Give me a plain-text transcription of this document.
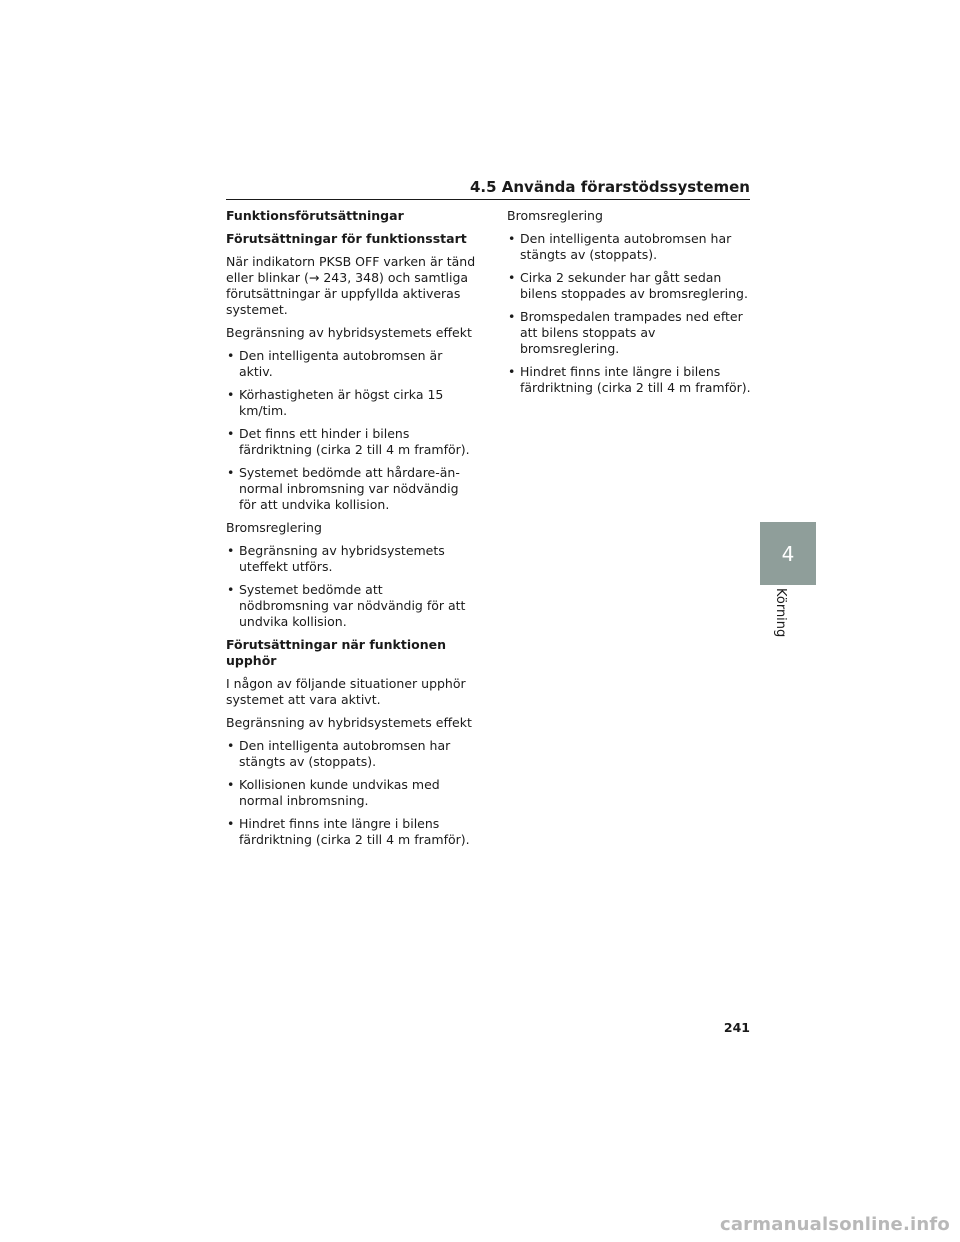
4.5 Använda förarstödssystemen

Funktionsförutsättningar

Förutsättningar för funktionsstart

När indikatorn PKSB OFF varken är tänd eller blinkar (→ 243, 348) och samtliga förutsättningar är uppfyllda aktiveras systemet.

Begränsning av hybridsystemets effekt

• Den intelligenta autobromsen är aktiv.
• Körhastigheten är högst cirka 15 km/tim.
• Det finns ett hinder i bilens färdriktning (cirka 2 till 4 m framför).
• Systemet bedömde att hårdare-än-normal inbromsning var nödvändig för att undvika kollision.

Bromsreglering

• Begränsning av hybridsystemets uteffekt utförs.
• Systemet bedömde att nödbromsning var nödvändig för att undvika kollision.

Förutsättningar när funktionen upphör

I någon av följande situationer upphör systemet att vara aktivt.

Begränsning av hybridsystemets effekt

• Den intelligenta autobromsen har stängts av (stoppats).
• Kollisionen kunde undvikas med normal inbromsning.
• Hindret finns inte längre i bilens färdriktning (cirka 2 till 4 m framför).

Bromsreglering

• Den intelligenta autobromsen har stängts av (stoppats).
• Cirka 2 sekunder har gått sedan bilens stoppades av bromsreglering.
• Bromspedalen trampades ned efter att bilens stoppats av bromsreglering.
• Hindret finns inte längre i bilens färdriktning (cirka 2 till 4 m framför).
4
Körning
241
carmanualsonline.info
